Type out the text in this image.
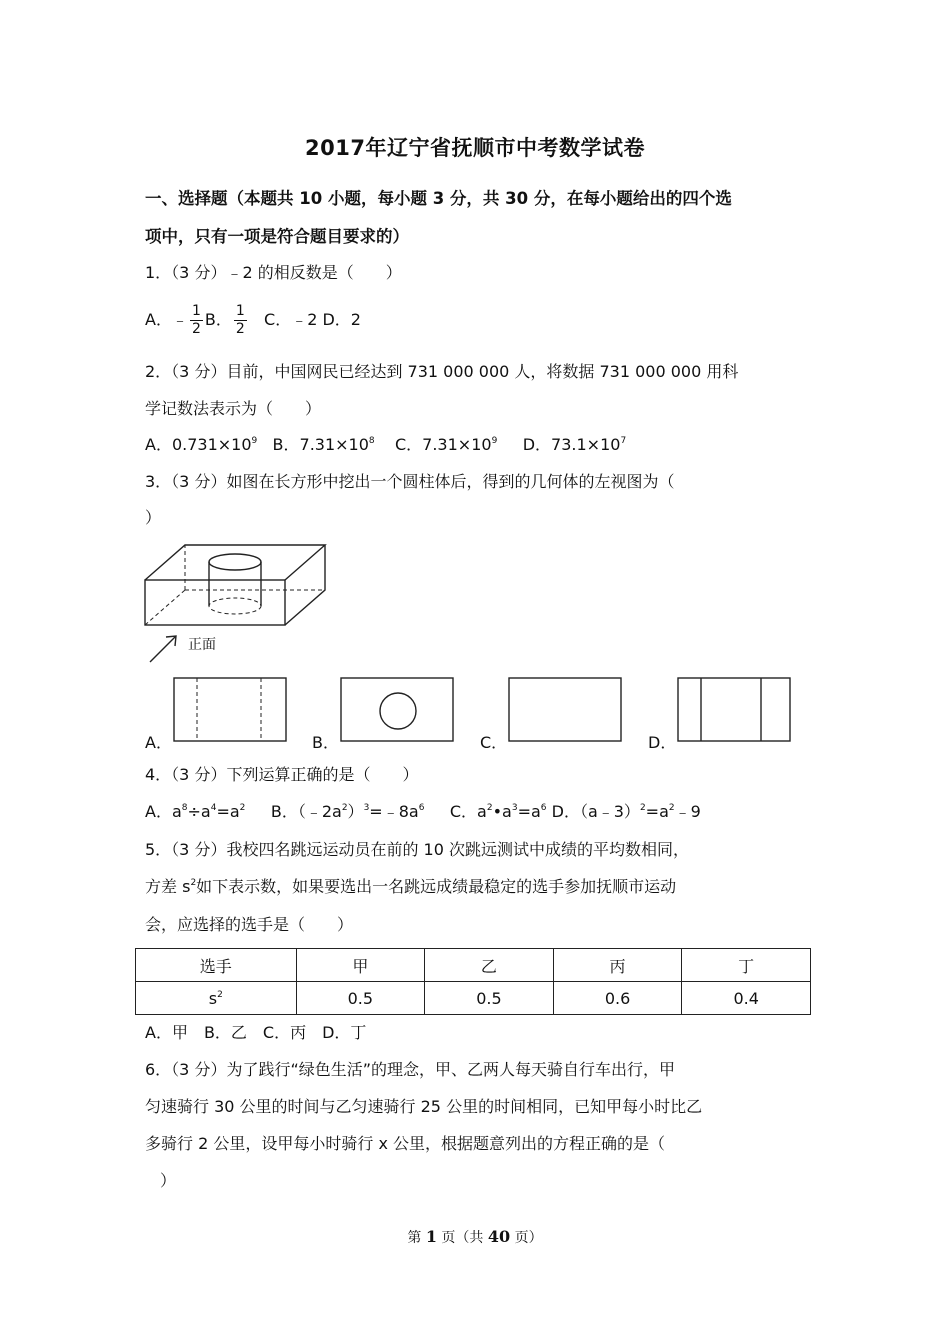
2017年辽宁省抚顺市中考数学试卷
一、选择题（本题共 10 小题，每小题 3 分，共 30 分，在每小题给出的四个选
项中，只有一项是符合题目要求的）
1．（3 分）﹣2 的相反数是（　　）
A．﹣ $\frac{1}{2}$ B． $\frac{1}{2}$ C．﹣2 D．2
2．（3 分）目前，中国网民已经达到 731 000 000 人，将数据 731 000 000 用科
学记数法表示为（　　）
A．$0.731\times 10^9$ B．$7.31\times 10^8$ C．$7.31\times 10^9$ D．$73.1\times 10^7$
3．（3 分）如图在长方形中挖出一个圆柱体后，得到的几何体的左视图为（
）
正面
A．	B．	C．	D．
4．（3 分）下列运算正确的是（　　）
A．$a^8\div a^4=a^2$ B．$(﹣2a^2)^3=﹣8a^6$ C．$a^2•a^3=a^6$ D．$(a﹣3)^2=a^2﹣9$
5．（3 分）我校四名跳远运动员在前的 10 次跳远测试中成绩的平均数相同，
方差 $s^2$如下表示数，如果要选出一名跳远成绩最稳定的选手参加抚顺市运动
会，应选择的选手是（　　）
选手	甲	乙	丙	丁
$s^2$	0.5	0.5	0.6	0.4
A．甲　B．乙　C．丙　D．丁
6．（3 分）为了践行“绿色生活”的理念，甲、乙两人每天骑自行车出行，甲
匀速骑行 30 公里的时间与乙匀速骑行 25 公里的时间相同，已知甲每小时比乙
多骑行 2 公里，设甲每小时骑行 x 公里，根据题意列出的方程正确的是（
）
第 1 页（共 40 页）
